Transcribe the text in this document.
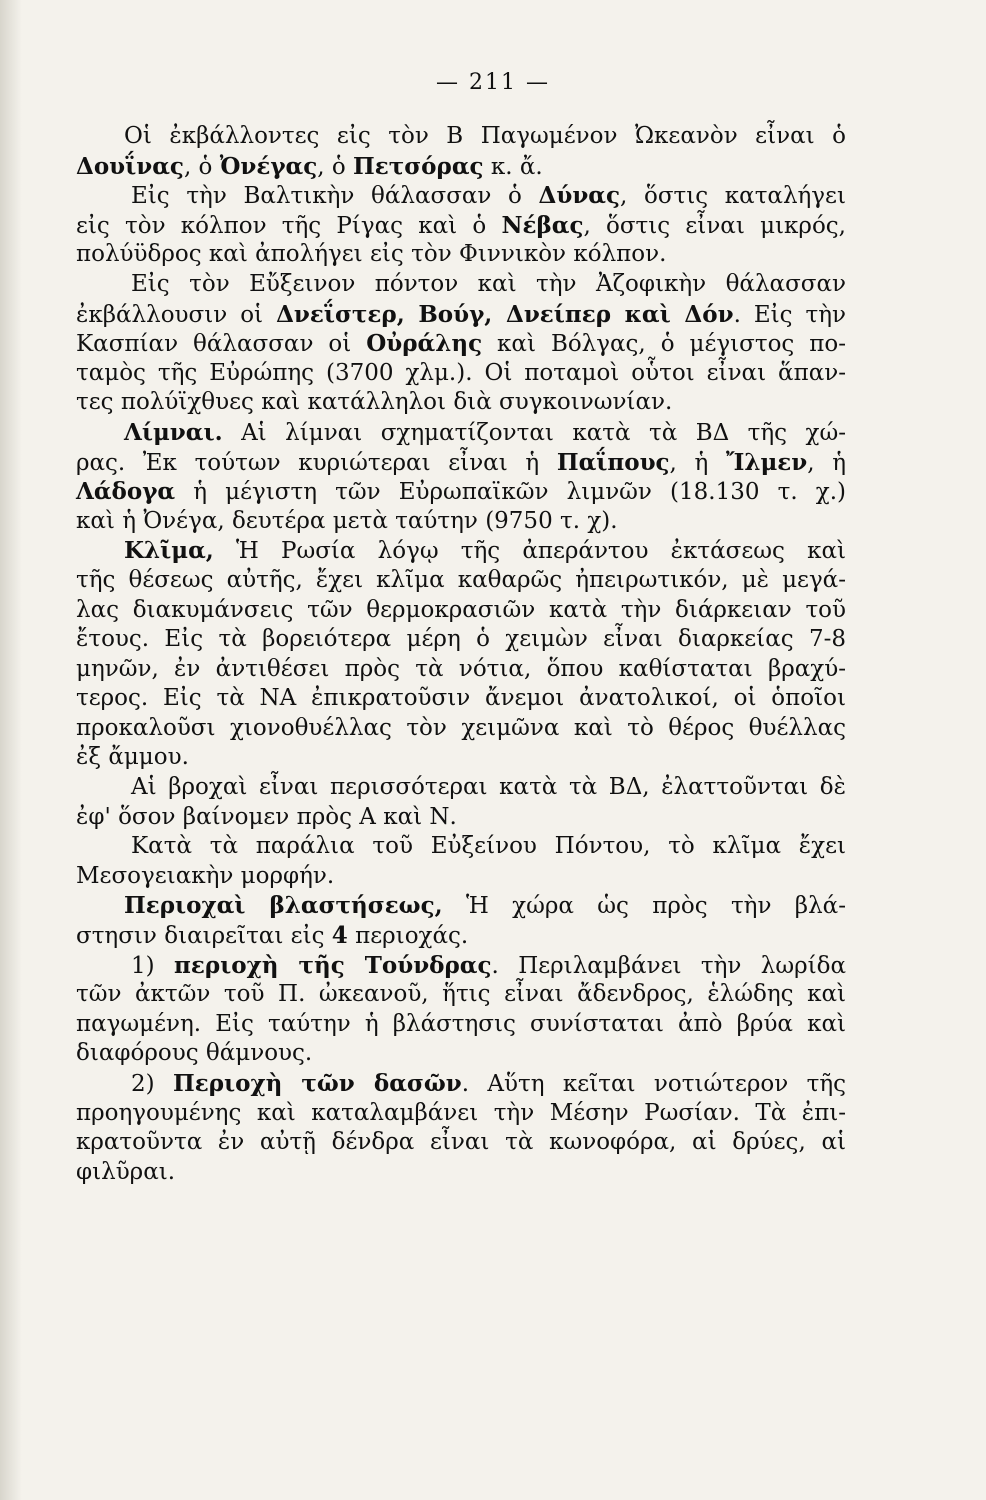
— 211 —
Οἱ ἐκβάλλοντες εἰς τὸν Β Παγωμένον Ὠκεανὸν εἶναι ὁ
Δουΐνας, ὁ Ὀνέγας, ὁ Πετσόρας κ. ἄ.
Εἰς τὴν Βαλτικὴν θάλασσαν ὁ Δύνας, ὅστις καταλήγει
εἰς τὸν κόλπον τῆς Ρίγας καὶ ὁ Νέβας, ὅστις εἶναι μικρός,
πολύϋδρος καὶ ἀπολήγει εἰς τὸν Φιννικὸν κόλπον.
Εἰς τὸν Εὔξεινον πόντον καὶ τὴν Ἀζοφικὴν θάλασσαν
ἐκβάλλουσιν οἱ Δνεΐστερ, Βούγ, Δνείπερ καὶ Δόν. Εἰς τὴν
Κασπίαν θάλασσαν οἱ Οὐράλης καὶ Βόλγας, ὁ μέγιστος πο-
ταμὸς τῆς Εὐρώπης (3700 χλμ.). Οἱ ποταμοὶ οὗτοι εἶναι ἅπαν-
τες πολύϊχθυες καὶ κατάλληλοι διὰ συγκοινωνίαν.
Λίμναι. Αἱ λίμναι σχηματίζονται κατὰ τὰ ΒΔ τῆς χώ-
ρας. Ἐκ τούτων κυριώτεραι εἶναι ἡ Παΐπους, ἡ Ἴλμεν, ἡ
Λάδογα ἡ μέγιστη τῶν Εὐρωπαϊκῶν λιμνῶν (18.130 τ. χ.)
καὶ ἡ Ὀνέγα, δευτέρα μετὰ ταύτην (9750 τ. χ).
Κλῖμα, Ἡ Ρωσία λόγῳ τῆς ἀπεράντου ἐκτάσεως καὶ
τῆς θέσεως αὐτῆς, ἔχει κλῖμα καθαρῶς ἠπειρωτικόν, μὲ μεγά-
λας διακυμάνσεις τῶν θερμοκρασιῶν κατὰ τὴν διάρκειαν τοῦ
ἔτους. Εἰς τὰ βορειότερα μέρη ὁ χειμὼν εἶναι διαρκείας 7-8
μηνῶν, ἐν ἀντιθέσει πρὸς τὰ νότια, ὅπου καθίσταται βραχύ-
τερος. Εἰς τὰ ΝΑ ἐπικρατοῦσιν ἄνεμοι ἀνατολικοί, οἱ ὁποῖοι
προκαλοῦσι χιονοθυέλλας τὸν χειμῶνα καὶ τὸ θέρος θυέλλας
ἐξ ἄμμου.
Αἱ βροχαὶ εἶναι περισσότεραι κατὰ τὰ ΒΔ, ἐλαττοῦνται δὲ
ἐφ' ὅσον βαίνομεν πρὸς Α καὶ Ν.
Κατὰ τὰ παράλια τοῦ Εὐξείνου Πόντου, τὸ κλῖμα ἔχει
Μεσογειακὴν μορφήν.
Περιοχαὶ βλαστήσεως, Ἡ χώρα ὡς πρὸς τὴν βλά-
στησιν διαιρεῖται εἰς 4 περιοχάς.
1) περιοχὴ τῆς Τούνδρας. Περιλαμβάνει τὴν λωρίδα
τῶν ἀκτῶν τοῦ Π. ὠκεανοῦ, ἥτις εἶναι ἄδενδρος, ἑλώδης καὶ
παγωμένη. Εἰς ταύτην ἡ βλάστησις συνίσταται ἀπὸ βρύα καὶ
διαφόρους θάμνους.
2) Περιοχὴ τῶν δασῶν. Αὕτη κεῖται νοτιώτερον τῆς
προηγουμένης καὶ καταλαμβάνει τὴν Μέσην Ρωσίαν. Τὰ ἐπι-
κρατοῦντα ἐν αὐτῇ δένδρα εἶναι τὰ κωνοφόρα, αἱ δρύες, αἱ
φιλῦραι.
